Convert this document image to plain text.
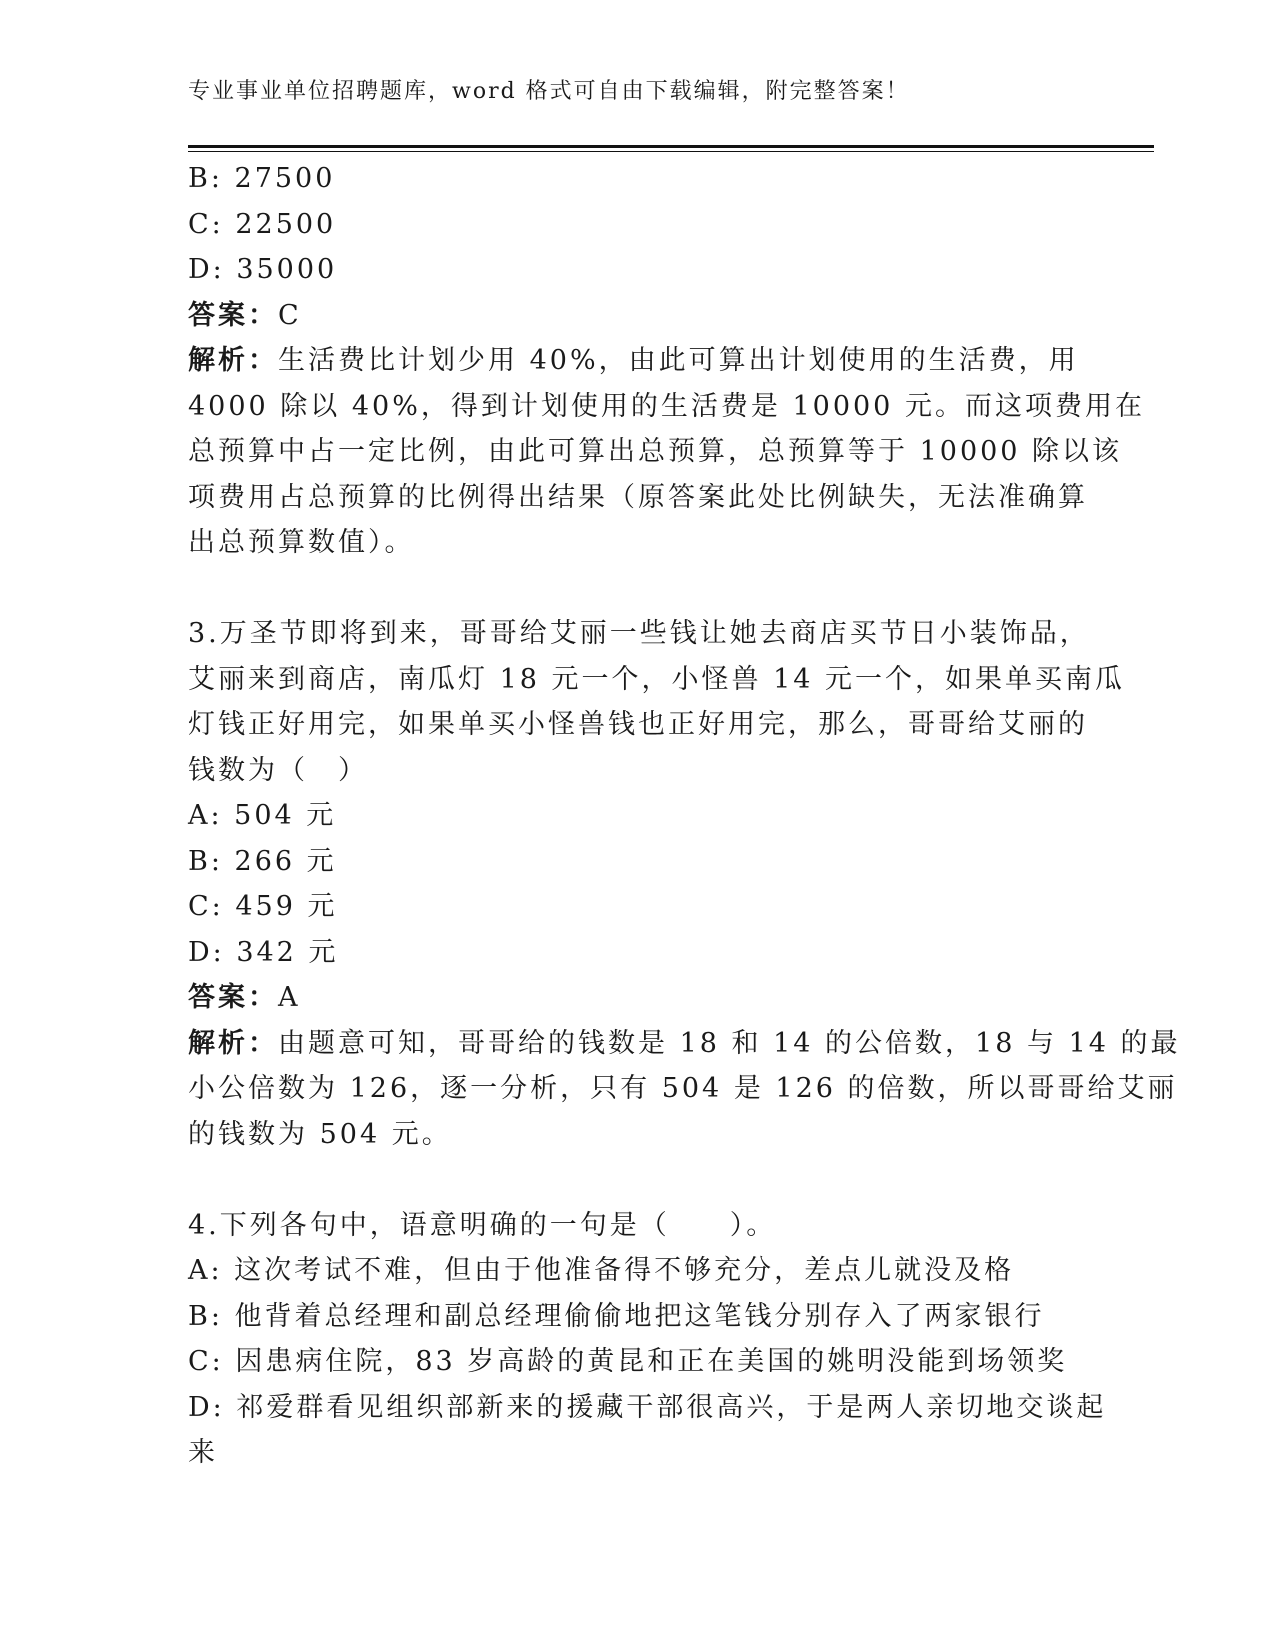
专业事业单位招聘题库，word 格式可自由下载编辑，附完整答案！
B: 27500
C: 22500
D: 35000
答案：C
解析：生活费比计划少用 40%，由此可算出计划使用的生活费，用
4000 除以 40%，得到计划使用的生活费是 10000 元。而这项费用在
总预算中占一定比例，由此可算出总预算，总预算等于 10000 除以该
项费用占总预算的比例得出结果（原答案此处比例缺失，无法准确算
出总预算数值）。
3.万圣节即将到来，哥哥给艾丽一些钱让她去商店买节日小装饰品，
艾丽来到商店，南瓜灯 18 元一个，小怪兽 14 元一个，如果单买南瓜
灯钱正好用完，如果单买小怪兽钱也正好用完，那么，哥哥给艾丽的
钱数为（　）
A: 504 元
B: 266 元
C: 459 元
D: 342 元
答案：A
解析：由题意可知，哥哥给的钱数是 18 和 14 的公倍数，18 与 14 的最
小公倍数为 126，逐一分析，只有 504 是 126 的倍数，所以哥哥给艾丽
的钱数为 504 元。
4.下列各句中，语意明确的一句是（　　）。
A: 这次考试不难，但由于他准备得不够充分，差点儿就没及格
B: 他背着总经理和副总经理偷偷地把这笔钱分别存入了两家银行
C: 因患病住院，83 岁高龄的黄昆和正在美国的姚明没能到场领奖
D: 祁爱群看见组织部新来的援藏干部很高兴，于是两人亲切地交谈起
来
